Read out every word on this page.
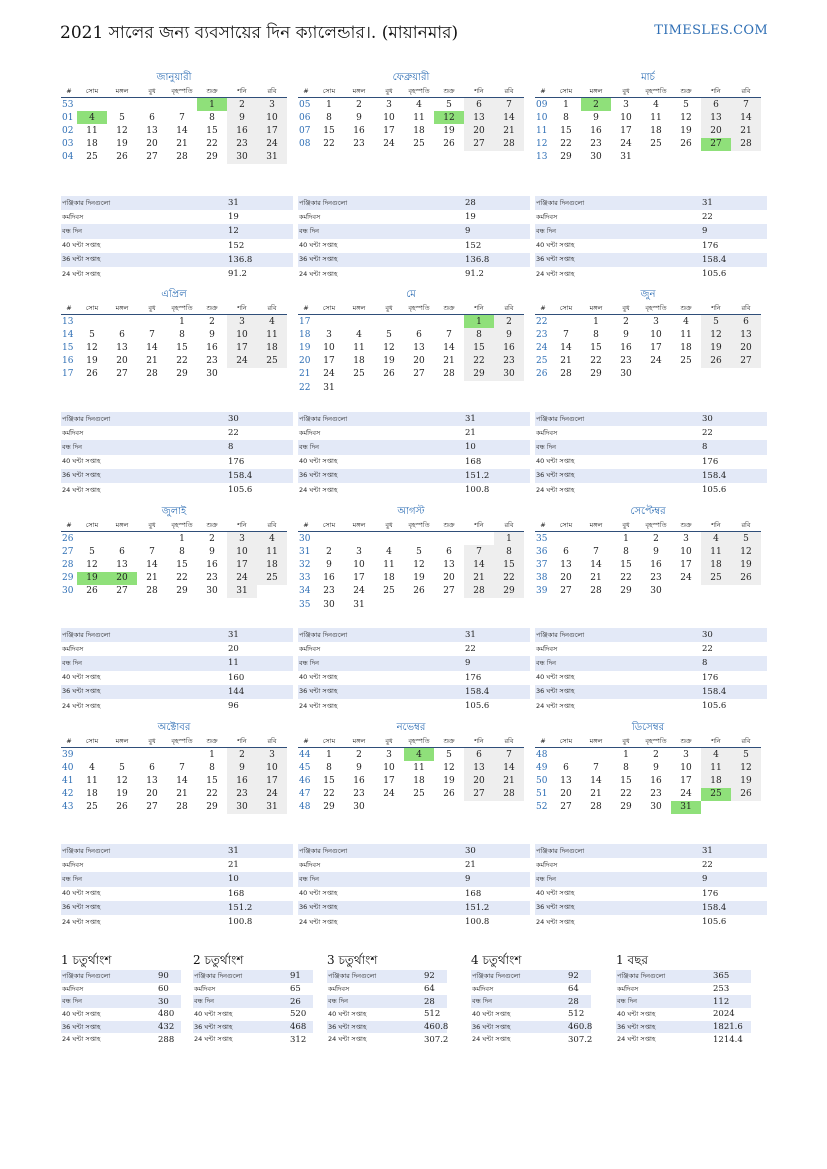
2021 সালের জন্য ব্যবসায়ের দিন ক্যালেন্ডার।. (মায়ানমার)	TIMESLES.COM
জানুয়ারী
#	সোম	মঙ্গল	বুধ	বৃহস্পতি	শুক্র	শনি	রবি
53					1	2	3
01	4	5	6	7	8	9	10
02	11	12	13	14	15	16	17
03	18	19	20	21	22	23	24
04	25	26	27	28	29	30	31
পঞ্জিকার দিনগুলো	31
কর্মদিবস	19
বন্ধ দিন	12
40 ঘন্টা সপ্তাহ	152
36 ঘন্টা সপ্তাহ	136.8
24 ঘন্টা সপ্তাহ	91.2
ফেব্রুয়ারী
#	সোম	মঙ্গল	বুধ	বৃহস্পতি	শুক্র	শনি	রবি
05	1	2	3	4	5	6	7
06	8	9	10	11	12	13	14
07	15	16	17	18	19	20	21
08	22	23	24	25	26	27	28
পঞ্জিকার দিনগুলো	28
কর্মদিবস	19
বন্ধ দিন	9
40 ঘন্টা সপ্তাহ	152
36 ঘন্টা সপ্তাহ	136.8
24 ঘন্টা সপ্তাহ	91.2
মার্চ
#	সোম	মঙ্গল	বুধ	বৃহস্পতি	শুক্র	শনি	রবি
09	1	2	3	4	5	6	7
10	8	9	10	11	12	13	14
11	15	16	17	18	19	20	21
12	22	23	24	25	26	27	28
13	29	30	31				
পঞ্জিকার দিনগুলো	31
কর্মদিবস	22
বন্ধ দিন	9
40 ঘন্টা সপ্তাহ	176
36 ঘন্টা সপ্তাহ	158.4
24 ঘন্টা সপ্তাহ	105.6
এপ্রিল
#	সোম	মঙ্গল	বুধ	বৃহস্পতি	শুক্র	শনি	রবি
13				1	2	3	4
14	5	6	7	8	9	10	11
15	12	13	14	15	16	17	18
16	19	20	21	22	23	24	25
17	26	27	28	29	30		
পঞ্জিকার দিনগুলো	30
কর্মদিবস	22
বন্ধ দিন	8
40 ঘন্টা সপ্তাহ	176
36 ঘন্টা সপ্তাহ	158.4
24 ঘন্টা সপ্তাহ	105.6
মে
#	সোম	মঙ্গল	বুধ	বৃহস্পতি	শুক্র	শনি	রবি
17						1	2
18	3	4	5	6	7	8	9
19	10	11	12	13	14	15	16
20	17	18	19	20	21	22	23
21	24	25	26	27	28	29	30
22	31						
পঞ্জিকার দিনগুলো	31
কর্মদিবস	21
বন্ধ দিন	10
40 ঘন্টা সপ্তাহ	168
36 ঘন্টা সপ্তাহ	151.2
24 ঘন্টা সপ্তাহ	100.8
জুন
#	সোম	মঙ্গল	বুধ	বৃহস্পতি	শুক্র	শনি	রবি
22		1	2	3	4	5	6
23	7	8	9	10	11	12	13
24	14	15	16	17	18	19	20
25	21	22	23	24	25	26	27
26	28	29	30				
পঞ্জিকার দিনগুলো	30
কর্মদিবস	22
বন্ধ দিন	8
40 ঘন্টা সপ্তাহ	176
36 ঘন্টা সপ্তাহ	158.4
24 ঘন্টা সপ্তাহ	105.6
জুলাই
#	সোম	মঙ্গল	বুধ	বৃহস্পতি	শুক্র	শনি	রবি
26				1	2	3	4
27	5	6	7	8	9	10	11
28	12	13	14	15	16	17	18
29	19	20	21	22	23	24	25
30	26	27	28	29	30	31	
পঞ্জিকার দিনগুলো	31
কর্মদিবস	20
বন্ধ দিন	11
40 ঘন্টা সপ্তাহ	160
36 ঘন্টা সপ্তাহ	144
24 ঘন্টা সপ্তাহ	96
আগস্ট
#	সোম	মঙ্গল	বুধ	বৃহস্পতি	শুক্র	শনি	রবি
30							1
31	2	3	4	5	6	7	8
32	9	10	11	12	13	14	15
33	16	17	18	19	20	21	22
34	23	24	25	26	27	28	29
35	30	31					
পঞ্জিকার দিনগুলো	31
কর্মদিবস	22
বন্ধ দিন	9
40 ঘন্টা সপ্তাহ	176
36 ঘন্টা সপ্তাহ	158.4
24 ঘন্টা সপ্তাহ	105.6
সেপ্টেম্বর
#	সোম	মঙ্গল	বুধ	বৃহস্পতি	শুক্র	শনি	রবি
35			1	2	3	4	5
36	6	7	8	9	10	11	12
37	13	14	15	16	17	18	19
38	20	21	22	23	24	25	26
39	27	28	29	30			
পঞ্জিকার দিনগুলো	30
কর্মদিবস	22
বন্ধ দিন	8
40 ঘন্টা সপ্তাহ	176
36 ঘন্টা সপ্তাহ	158.4
24 ঘন্টা সপ্তাহ	105.6
অক্টোবর
#	সোম	মঙ্গল	বুধ	বৃহস্পতি	শুক্র	শনি	রবি
39					1	2	3
40	4	5	6	7	8	9	10
41	11	12	13	14	15	16	17
42	18	19	20	21	22	23	24
43	25	26	27	28	29	30	31
পঞ্জিকার দিনগুলো	31
কর্মদিবস	21
বন্ধ দিন	10
40 ঘন্টা সপ্তাহ	168
36 ঘন্টা সপ্তাহ	151.2
24 ঘন্টা সপ্তাহ	100.8
নভেম্বর
#	সোম	মঙ্গল	বুধ	বৃহস্পতি	শুক্র	শনি	রবি
44	1	2	3	4	5	6	7
45	8	9	10	11	12	13	14
46	15	16	17	18	19	20	21
47	22	23	24	25	26	27	28
48	29	30					
পঞ্জিকার দিনগুলো	30
কর্মদিবস	21
বন্ধ দিন	9
40 ঘন্টা সপ্তাহ	168
36 ঘন্টা সপ্তাহ	151.2
24 ঘন্টা সপ্তাহ	100.8
ডিসেম্বর
#	সোম	মঙ্গল	বুধ	বৃহস্পতি	শুক্র	শনি	রবি
48			1	2	3	4	5
49	6	7	8	9	10	11	12
50	13	14	15	16	17	18	19
51	20	21	22	23	24	25	26
52	27	28	29	30	31		
পঞ্জিকার দিনগুলো	31
কর্মদিবস	22
বন্ধ দিন	9
40 ঘন্টা সপ্তাহ	176
36 ঘন্টা সপ্তাহ	158.4
24 ঘন্টা সপ্তাহ	105.6
1 চতুর্থাংশ
পঞ্জিকার দিনগুলো	90
কর্মদিবস	60
বন্ধ দিন	30
40 ঘন্টা সপ্তাহ	480
36 ঘন্টা সপ্তাহ	432
24 ঘন্টা সপ্তাহ	288
2 চতুর্থাংশ
পঞ্জিকার দিনগুলো	91
কর্মদিবস	65
বন্ধ দিন	26
40 ঘন্টা সপ্তাহ	520
36 ঘন্টা সপ্তাহ	468
24 ঘন্টা সপ্তাহ	312
3 চতুর্থাংশ
পঞ্জিকার দিনগুলো	92
কর্মদিবস	64
বন্ধ দিন	28
40 ঘন্টা সপ্তাহ	512
36 ঘন্টা সপ্তাহ	460.8
24 ঘন্টা সপ্তাহ	307.2
4 চতুর্থাংশ
পঞ্জিকার দিনগুলো	92
কর্মদিবস	64
বন্ধ দিন	28
40 ঘন্টা সপ্তাহ	512
36 ঘন্টা সপ্তাহ	460.8
24 ঘন্টা সপ্তাহ	307.2
1 বছর
পঞ্জিকার দিনগুলো	365
কর্মদিবস	253
বন্ধ দিন	112
40 ঘন্টা সপ্তাহ	2024
36 ঘন্টা সপ্তাহ	1821.6
24 ঘন্টা সপ্তাহ	1214.4
